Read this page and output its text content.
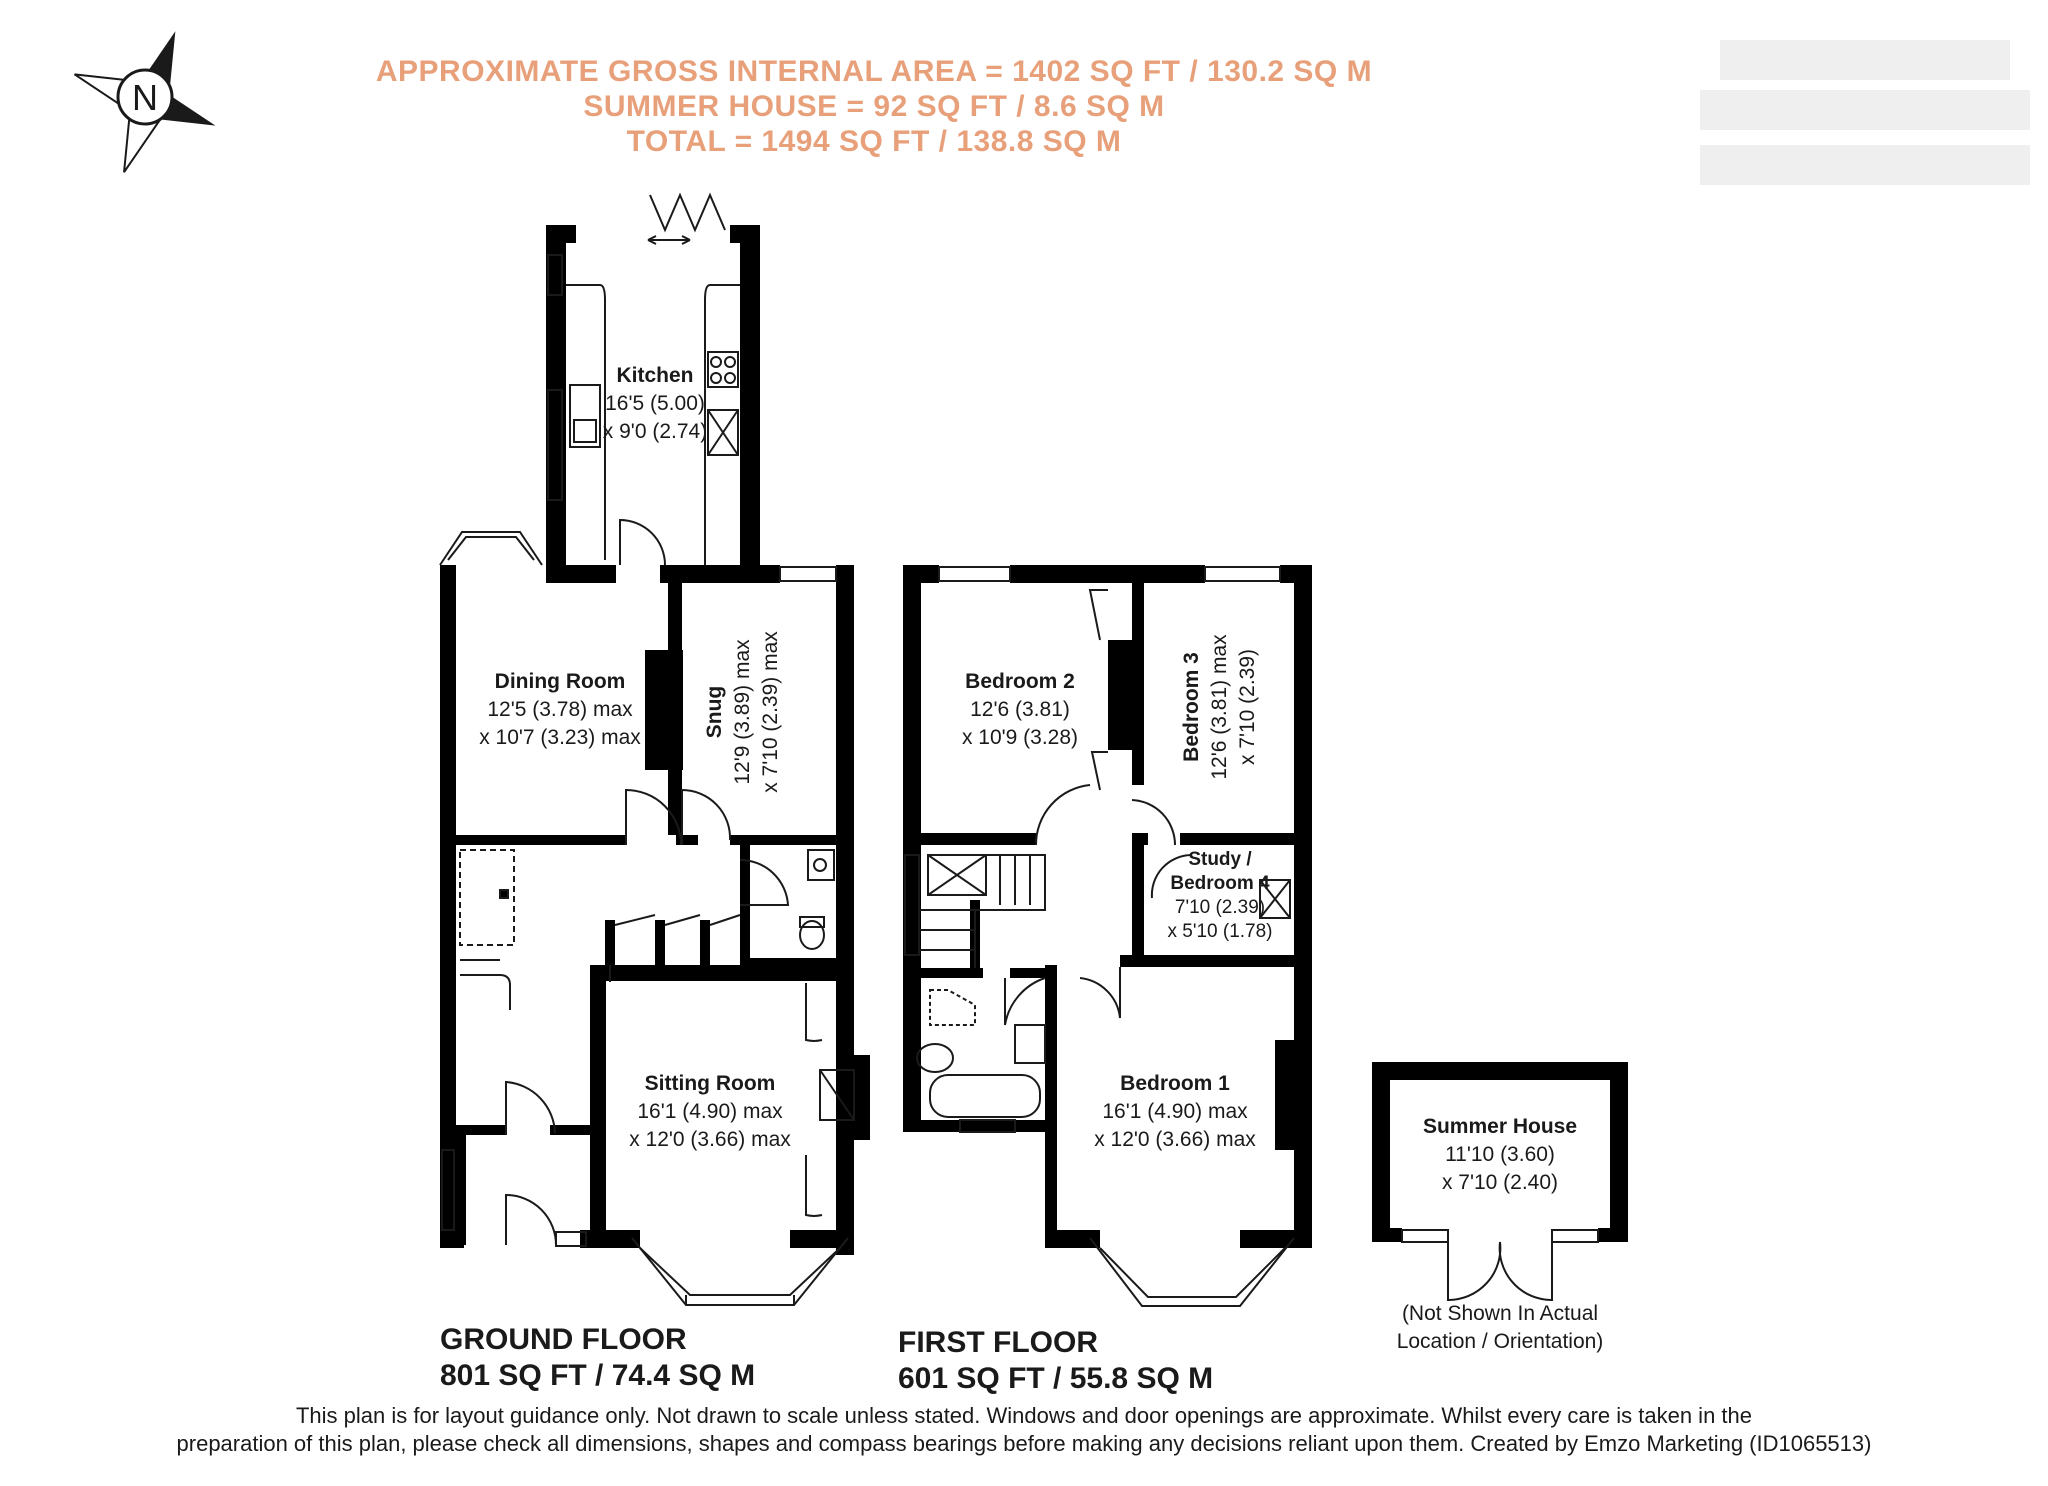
N
APPROXIMATE GROSS INTERNAL AREA = 1402 SQ FT / 130.2 SQ M
SUMMER HOUSE = 92 SQ FT / 8.6 SQ M
TOTAL = 1494 SQ FT / 138.8 SQ M
Kitchen
16'5 (5.00)
x 9'0 (2.74)
Dining Room
12'5 (3.78) max
x 10'7 (3.23) max	Snug 12'9 (3.89) max x 7'10 (2.39) max
Sitting Room
16'1 (4.90) max
x 12'0 (3.66) max
Bedroom 2
12'6 (3.81)
x 10'9 (3.28)	Bedroom 3 12'6 (3.81) max x 7'10 (2.39)
Study /
Bedroom 4
7'10 (2.39)
x 5'10 (1.78)
Bedroom 1
16'1 (4.90) max
x 12'0 (3.66) max
Summer House
11'10 (3.60)
x 7'10 (2.40)
(Not Shown In Actual
Location / Orientation)
GROUND FLOOR
801 SQ FT / 74.4 SQ M
FIRST FLOOR
601 SQ FT / 55.8 SQ M
This plan is for layout guidance only. Not drawn to scale unless stated. Windows and door openings are approximate. Whilst every care is taken in the
preparation of this plan, please check all dimensions, shapes and compass bearings before making any decisions reliant upon them. Created by Emzo Marketing (ID1065513)
